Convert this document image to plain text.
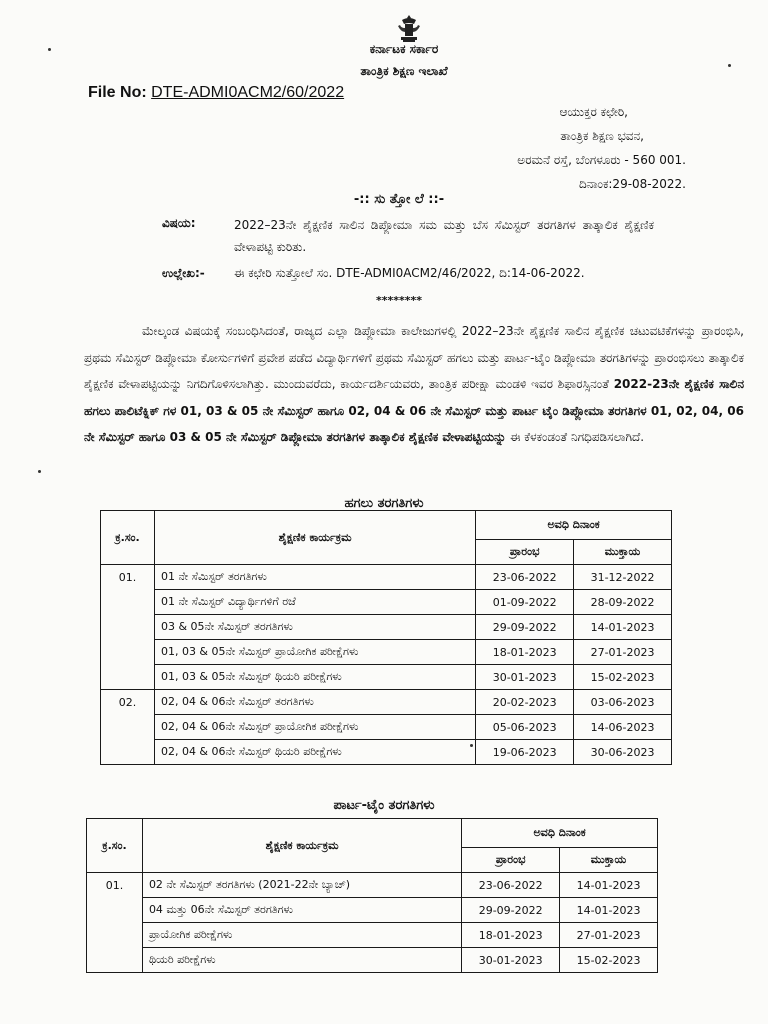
ಕರ್ನಾಟಕ ಸರ್ಕಾರ
ತಾಂತ್ರಿಕ ಶಿಕ್ಷಣ ಇಲಾಖೆ
File No: DTE-ADMI0ACM2/60/2022
ಆಯುಕ್ತರ ಕಛೇರಿ,
ತಾಂತ್ರಿಕ ಶಿಕ್ಷಣ ಭವನ,
ಅರಮನೆ ರಸ್ತೆ, ಬೆಂಗಳೂರು - 560 001.
ದಿನಾಂಕ:29-08-2022.
-:: ಸು ತ್ತೋ ಲೆ ::-
ವಿಷಯ:	2022–23ನೇ ಶೈಕ್ಷಣಿಕ ಸಾಲಿನ ಡಿಪ್ಲೋಮಾ ಸಮ ಮತ್ತು ಬೆಸ ಸೆಮಿಸ್ಟರ್ ತರಗತಿಗಳ ತಾತ್ಕಾಲಿಕ ಶೈಕ್ಷಣಿಕ ವೇಳಾಪಟ್ಟಿ ಕುರಿತು.
ಉಲ್ಲೇಖ:- ಈ ಕಛೇರಿ ಸುತ್ತೋಲೆ ಸಂ. DTE-ADMI0ACM2/46/2022, ದಿ:14-06-2022.
********
ಮೇಲ್ಕಂಡ ವಿಷಯಕ್ಕೆ ಸಂಬಂಧಿಸಿದಂತೆ, ರಾಜ್ಯದ ಎಲ್ಲಾ ಡಿಪ್ಲೋಮಾ ಕಾಲೇಜುಗಳಲ್ಲಿ 2022–23ನೇ ಶೈಕ್ಷಣಿಕ ಸಾಲಿನ ಶೈಕ್ಷಣಿಕ ಚಟುವಟಿಕೆಗಳನ್ನು ಪ್ರಾರಂಭಿಸಿ, ಪ್ರಥಮ ಸೆಮಿಸ್ಟರ್ ಡಿಪ್ಲೋಮಾ ಕೋರ್ಸುಗಳಿಗೆ ಪ್ರವೇಶ ಪಡೆದ ವಿದ್ಯಾರ್ಥಿಗಳಿಗೆ ಪ್ರಥಮ ಸೆಮಿಸ್ಟರ್ ಹಗಲು ಮತ್ತು ಪಾರ್ಟ-ಟೈಂ ಡಿಪ್ಲೋಮಾ ತರಗತಿಗಳನ್ನು ಪ್ರಾರಂಭಿಸಲು ತಾತ್ಕಾಲಿಕ ಶೈಕ್ಷಣಿಕ ವೇಳಾಪಟ್ಟಿಯನ್ನು ನಿಗದಿಗೊಳಿಸಲಾಗಿತ್ತು. ಮುಂದುವರೆದು, ಕಾರ್ಯದರ್ಶಿಯವರು, ತಾಂತ್ರಿಕ ಪರೀಕ್ಷಾ ಮಂಡಳಿ ಇವರ ಶಿಫಾರಸ್ಸಿನಂತೆ 2022-23ನೇ ಶೈಕ್ಷಣಿಕ ಸಾಲಿನ ಹಗಲು ಪಾಲಿಟೆಕ್ನಿಕ್ ಗಳ 01, 03 & 05 ನೇ ಸೆಮಿಸ್ಟರ್ ಹಾಗೂ 02, 04 & 06 ನೇ ಸೆಮಿಸ್ಟರ್ ಮತ್ತು ಪಾರ್ಟ ಟೈಂ ಡಿಪ್ಲೋಮಾ ತರಗತಿಗಳ 01, 02, 04, 06 ನೇ ಸೆಮಿಸ್ಟರ್ ಹಾಗೂ 03 & 05 ನೇ ಸೆಮಿಸ್ಟರ್ ಡಿಪ್ಲೋಮಾ ತರಗತಿಗಳ ತಾತ್ಕಾಲಿಕ ಶೈಕ್ಷಣಿಕ ವೇಳಾಪಟ್ಟಿಯನ್ನು ಈ ಕೆಳಕಂಡಂತೆ ನಿಗಧಿಪಡಿಸಲಾಗಿದೆ.
ಹಗಲು ತರಗತಿಗಳು
ಕ್ರ.ಸಂ.	ಶೈಕ್ಷಣಿಕ ಕಾರ್ಯಕ್ರಮ	ಅವಧಿ ದಿನಾಂಕ	
		ಪ್ರಾರಂಭ	ಮುಕ್ತಾಯ
01.	01 ನೇ ಸೆಮಿಸ್ಟರ್ ತರಗತಿಗಳು	23-06-2022	31-12-2022
	01 ನೇ ಸೆಮಿಸ್ಟರ್ ವಿದ್ಯಾರ್ಥಿಗಳಿಗೆ ರಜೆ	01-09-2022	28-09-2022
	03 & 05ನೇ ಸೆಮಿಸ್ಟರ್ ತರಗತಿಗಳು	29-09-2022	14-01-2023
	01, 03 & 05ನೇ ಸೆಮಿಸ್ಟರ್ ಪ್ರಾಯೋಗಿಕ ಪರೀಕ್ಷೆಗಳು	18-01-2023	27-01-2023
	01, 03 & 05ನೇ ಸೆಮಿಸ್ಟರ್ ಥಿಯರಿ ಪರೀಕ್ಷೆಗಳು	30-01-2023	15-02-2023
02.	02, 04 & 06ನೇ ಸೆಮಿಸ್ಟರ್ ತರಗತಿಗಳು	20-02-2023	03-06-2023
	02, 04 & 06ನೇ ಸೆಮಿಸ್ಟರ್ ಪ್ರಾಯೋಗಿಕ ಪರೀಕ್ಷೆಗಳು	05-06-2023	14-06-2023
	02, 04 & 06ನೇ ಸೆಮಿಸ್ಟರ್ ಥಿಯರಿ ಪರೀಕ್ಷೆಗಳು	19-06-2023	30-06-2023
ಪಾರ್ಟ-ಟೈಂ ತರಗತಿಗಳು
ಕ್ರ.ಸಂ.	ಶೈಕ್ಷಣಿಕ ಕಾರ್ಯಕ್ರಮ	ಅವಧಿ ದಿನಾಂಕ	
		ಪ್ರಾರಂಭ	ಮುಕ್ತಾಯ
01.	02 ನೇ ಸೆಮಿಸ್ಟರ್ ತರಗತಿಗಳು (2021-22ನೇ ಬ್ಯಾಚ್)	23-06-2022	14-01-2023
	04 ಮತ್ತು 06ನೇ ಸೆಮಿಸ್ಟರ್ ತರಗತಿಗಳು	29-09-2022	14-01-2023
	ಪ್ರಾಯೋಗಿಕ ಪರೀಕ್ಷೆಗಳು	18-01-2023	27-01-2023
	ಥಿಯರಿ ಪರೀಕ್ಷೆಗಳು	30-01-2023	15-02-2023
